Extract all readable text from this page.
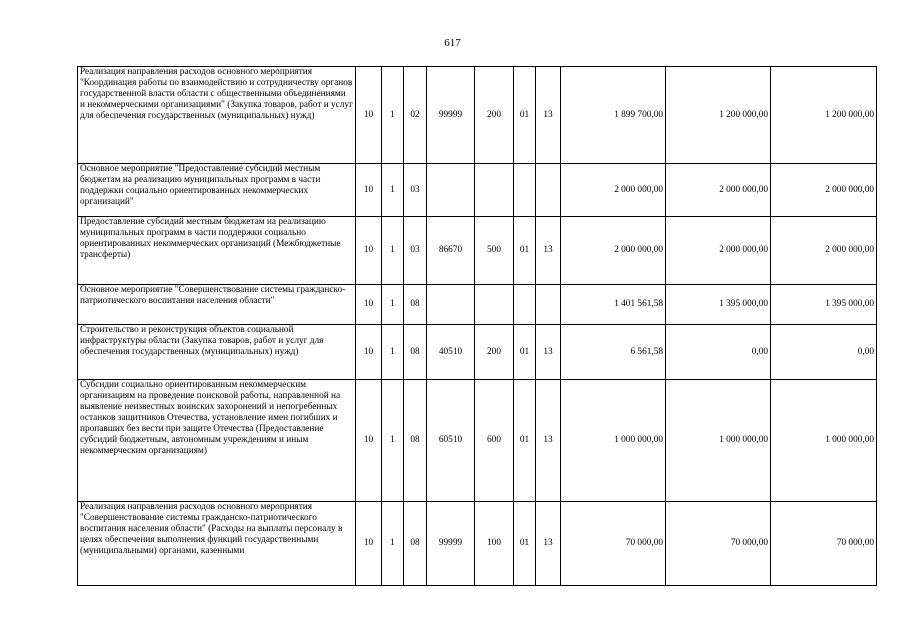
617
Реализация направления расходов основного мероприятия "Координация работы по взаимодействию и сотрудничеству органов государственной власти области с общественными объединениями и некоммерческими организациями" (Закупка товаров, работ и услуг для обеспечения государственных (муниципальных) нужд)	10	1	02	99999	200	01	13	1 899 700,00	1 200 000,00	1 200 000,00
Основное мероприятие "Предоставление субсидий местным бюджетам на реализацию муниципальных программ в части поддержки социально ориентированных некоммерческих организаций"	10	1	03					2 000 000,00	2 000 000,00	2 000 000,00
Предоставление субсидий местным бюджетам на реализацию муниципальных программ в части поддержки социально ориентированных некоммерческих организаций (Межбюджетные трансферты)	10	1	03	86670	500	01	13	2 000 000,00	2 000 000,00	2 000 000,00
Основное мероприятие "Совершенствование системы гражданско-патриотического воспитания населения области"	10	1	08					1 401 561,58	1 395 000,00	1 395 000,00
Строительство и реконструкция объектов социальной инфраструктуры области (Закупка товаров, работ и услуг для обеспечения государственных (муниципальных) нужд)	10	1	08	40510	200	01	13	6 561,58	0,00	0,00
Субсидии социально ориентированным некоммерческим организациям на проведение поисковой работы, направленной на выявление неизвестных воинских захоронений и непогребенных останков защитников Отечества, установление имен погибших и пропавших без вести при защите Отечества (Предоставление субсидий бюджетным, автономным учреждениям и иным некоммерческим организациям)	10	1	08	60510	600	01	13	1 000 000,00	1 000 000,00	1 000 000,00
Реализация направления расходов основного мероприятия "Совершенствование системы гражданско-патриотического воспитания населения области" (Расходы на выплаты персоналу в целях обеспечения выполнения функций государственными (муниципальными) органами, казенными	10	1	08	99999	100	01	13	70 000,00	70 000,00	70 000,00
